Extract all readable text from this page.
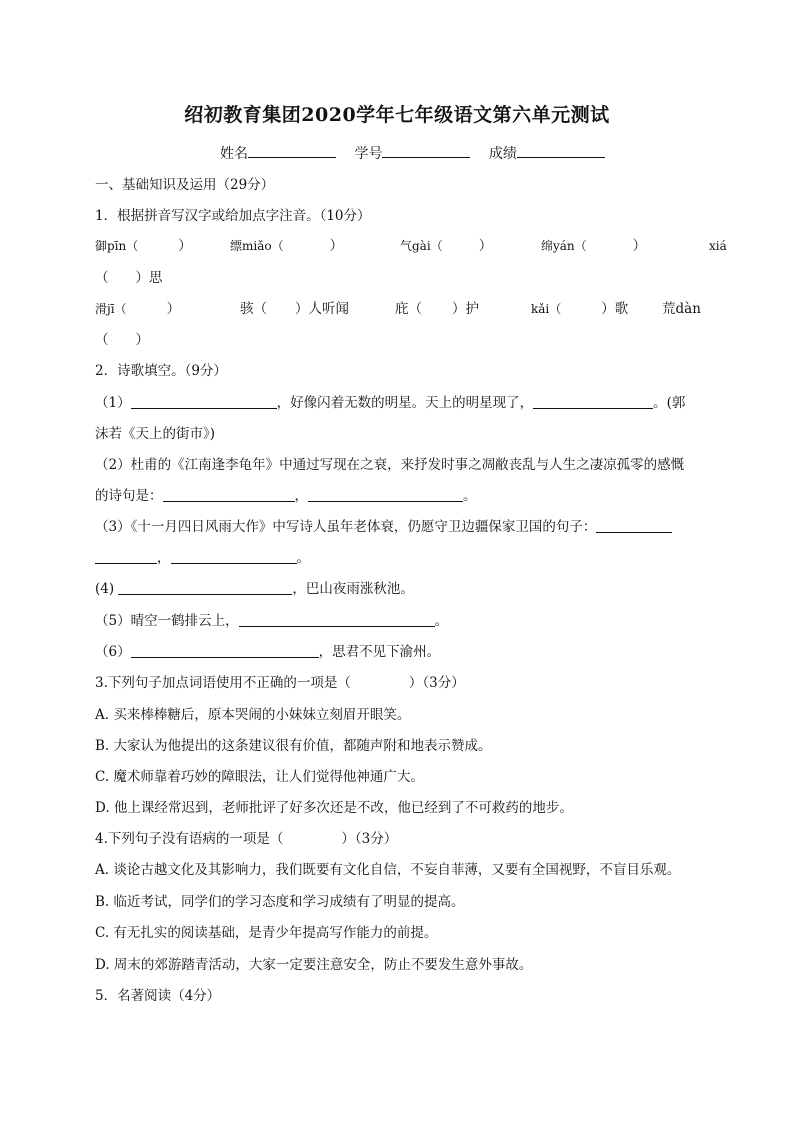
绍初教育集团2020学年七年级语文第六单元测试
姓名	学号	成绩
一、基础知识及运用（29分）
1．根据拼音写汉字或给加点字注音。（10分）
御pīn（	）	缥miǎo（	）	气gài（	）	绵yán（	）	xiá
（　　）思
滑jī（	）	骇（ ）人听闻	庇（ ）护	kǎi（	）歌 荒dàn
（　　）
2．诗歌填空。（9分）
（1）	，好像闪着无数的明星。天上的明星现了，	。(郭
沫若《天上的街市》)
（2）杜甫的《江南逢李龟年》中通过写现在之衰，来抒发时事之凋敝丧乱与人生之凄凉孤零的感慨
的诗句是：	，	。
（3）《十一月四日风雨大作》中写诗人虽年老体衰，仍愿守卫边疆保家卫国的句子：
，	。
(4)	，巴山夜雨涨秋池。
（5）晴空一鹤排云上，	。
（6）	，思君不见下渝州。
3.下列句子加点词语使用不正确的一项是（	）（3分）
A. 买来棒棒糖后，原本哭闹的小妹妹立刻眉开眼笑。
B. 大家认为他提出的这条建议很有价值，都随声附和地表示赞成。
C. 魔术师靠着巧妙的障眼法，让人们觉得他神通广大。
D. 他上课经常迟到，老师批评了好多次还是不改，他已经到了不可救药的地步。
4.下列句子没有语病的一项是（	）（3分）
A. 谈论古越文化及其影响力，我们既要有文化自信，不妄自菲薄，又要有全国视野，不盲目乐观。
B. 临近考试，同学们的学习态度和学习成绩有了明显的提高。
C. 有无扎实的阅读基础，是青少年提高写作能力的前提。
D. 周末的郊游踏青活动，大家一定要注意安全，防止不要发生意外事故。
5．名著阅读（4分）
